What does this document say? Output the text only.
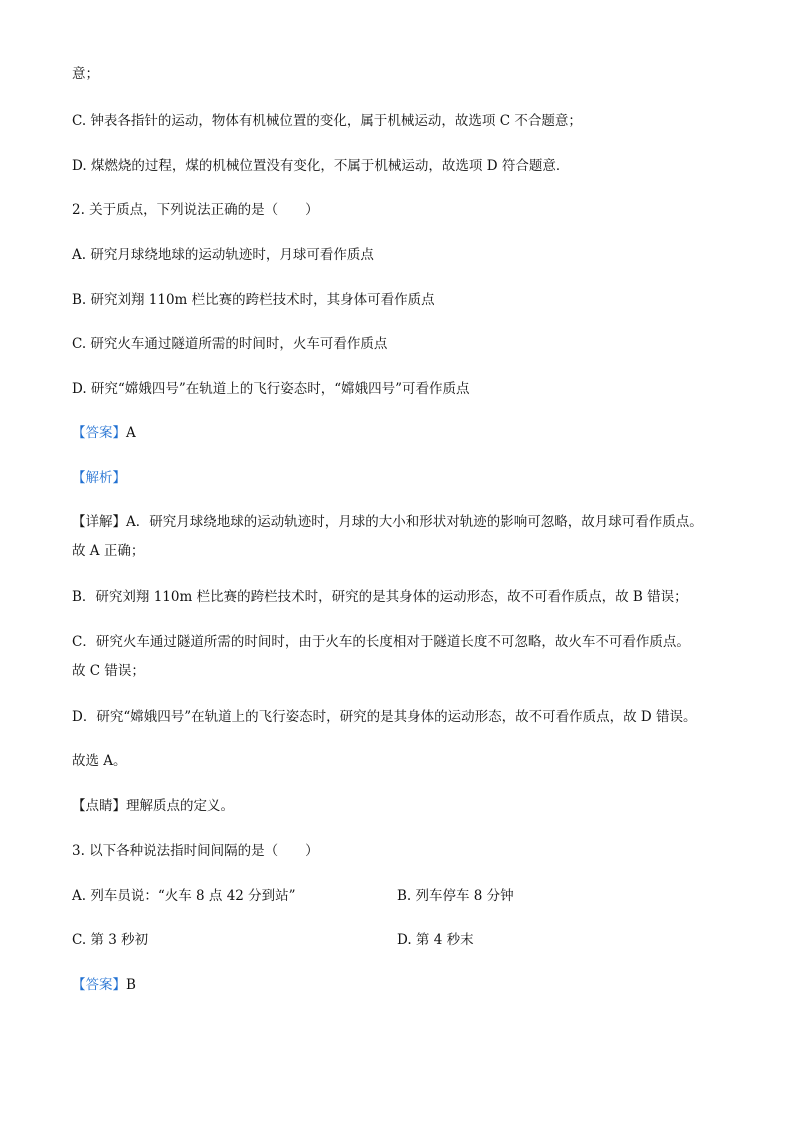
意；
C. 钟表各指针的运动，物体有机械位置的变化，属于机械运动，故选项 C 不合题意；
D. 煤燃烧的过程，煤的机械位置没有变化，不属于机械运动，故选项 D 符合题意．
2. 关于质点，下列说法正确的是（　　）
A. 研究月球绕地球的运动轨迹时，月球可看作质点
B. 研究刘翔 110m 栏比赛的跨栏技术时，其身体可看作质点
C. 研究火车通过隧道所需的时间时，火车可看作质点
D. 研究“嫦娥四号”在轨道上的飞行姿态时，“嫦娥四号”可看作质点
【答案】A
【解析】
【详解】A．研究月球绕地球的运动轨迹时，月球的大小和形状对轨迹的影响可忽略，故月球可看作质点。
故 A 正确；
B．研究刘翔 110m 栏比赛的跨栏技术时，研究的是其身体的运动形态，故不可看作质点，故 B 错误；
C．研究火车通过隧道所需的时间时，由于火车的长度相对于隧道长度不可忽略，故火车不可看作质点。
故 C 错误；
D．研究“嫦娥四号”在轨道上的飞行姿态时，研究的是其身体的运动形态，故不可看作质点，故 D 错误。
故选 A。
【点睛】理解质点的定义。
3. 以下各种说法指时间间隔的是（　　）
A. 列车员说：“火车 8 点 42 分到站”	B. 列车停车 8 分钟
C. 第 3 秒初	D. 第 4 秒末
【答案】B
